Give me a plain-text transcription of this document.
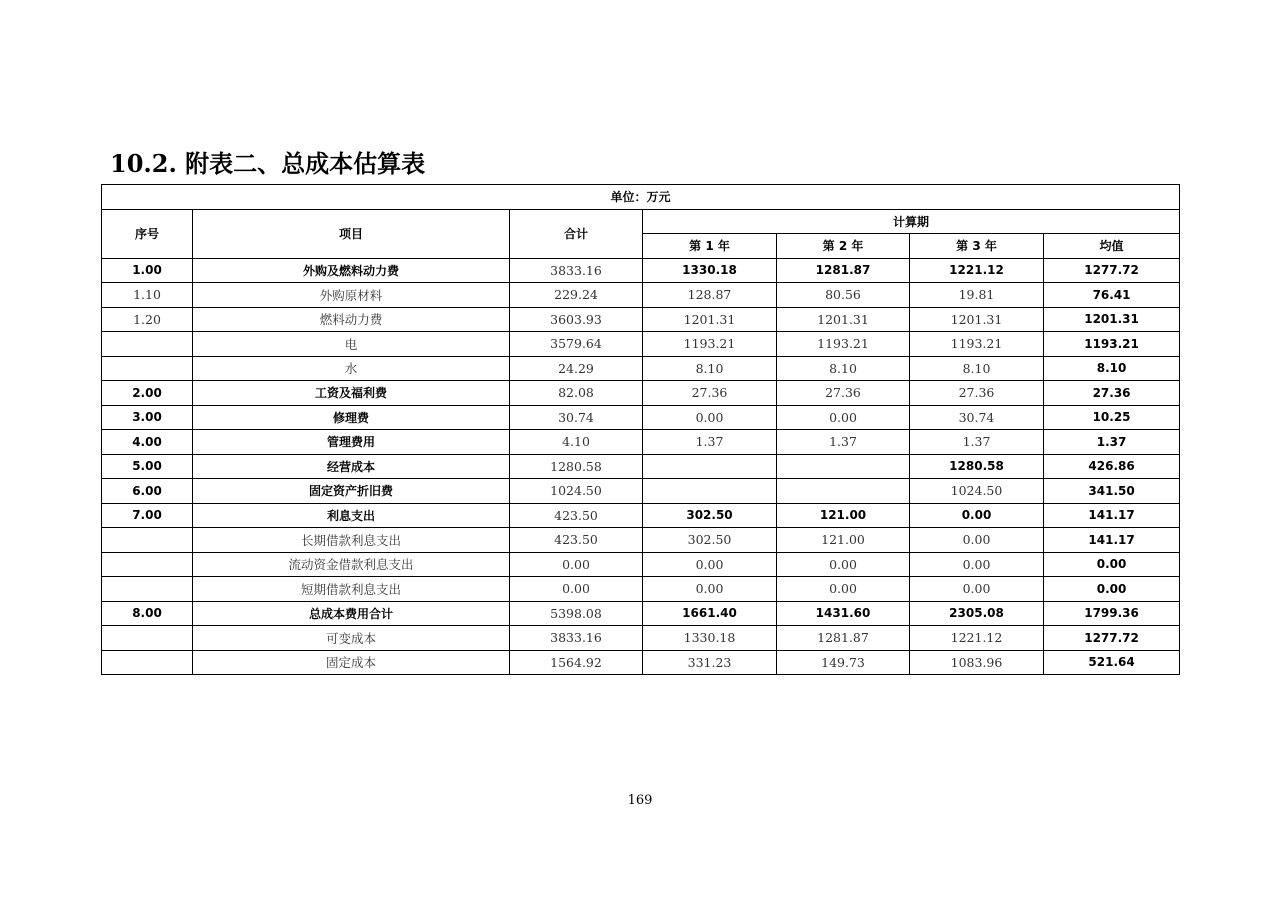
10.2. 附表二、总成本估算表
单位：万元						
序号	项目	合计	计算期			
			第 1 年	第 2 年	第 3 年	均值
1.00	外购及燃料动力费	3833.16	1330.18	1281.87	1221.12	1277.72
1.10	外购原材料	229.24	128.87	80.56	19.81	76.41
1.20	燃料动力费	3603.93	1201.31	1201.31	1201.31	1201.31
	电	3579.64	1193.21	1193.21	1193.21	1193.21
	水	24.29	8.10	8.10	8.10	8.10
2.00	工资及福利费	82.08	27.36	27.36	27.36	27.36
3.00	修理费	30.74	0.00	0.00	30.74	10.25
4.00	管理费用	4.10	1.37	1.37	1.37	1.37
5.00	经营成本	1280.58			1280.58	426.86
6.00	固定资产折旧费	1024.50			1024.50	341.50
7.00	利息支出	423.50	302.50	121.00	0.00	141.17
	长期借款利息支出	423.50	302.50	121.00	0.00	141.17
	流动资金借款利息支出	0.00	0.00	0.00	0.00	0.00
	短期借款利息支出	0.00	0.00	0.00	0.00	0.00
8.00	总成本费用合计	5398.08	1661.40	1431.60	2305.08	1799.36
	可变成本	3833.16	1330.18	1281.87	1221.12	1277.72
	固定成本	1564.92	331.23	149.73	1083.96	521.64
169
